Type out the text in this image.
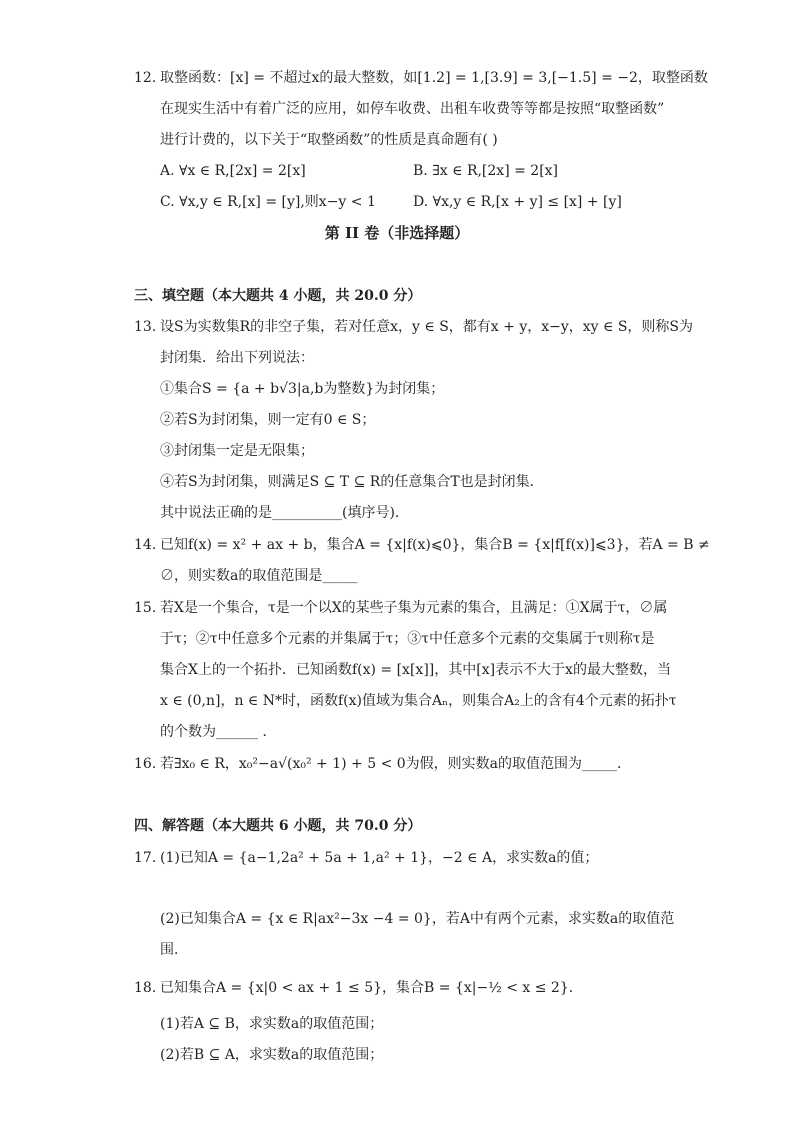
12. 取整函数：[x] = 不超过x的最大整数，如[1.2] = 1,[3.9] = 3,[−1.5] = −2，取整函数
在现实生活中有着广泛的应用，如停车收费、出租车收费等等都是按照“取整函数”
进行计费的，以下关于“取整函数”的性质是真命题有( )
A. ∀x ∈ R,[2x] = 2[x]	B. ∃x ∈ R,[2x] = 2[x]
C. ∀x,y ∈ R,[x] = [y],则x−y < 1	D. ∀x,y ∈ R,[x + y] ≤ [x] + [y]
第 II 卷（非选择题）
三、填空题（本大题共 4 小题，共 20.0 分）
13. 设S为实数集R的非空子集，若对任意x，y ∈ S，都有x + y，x−y，xy ∈ S，则称S为
封闭集．给出下列说法：
①集合S = {a + b√3|a,b为整数}为封闭集；
②若S为封闭集，则一定有0 ∈ S；
③封闭集一定是无限集；
④若S为封闭集，则满足S ⊆ T ⊆ R的任意集合T也是封闭集．
其中说法正确的是__________(填序号)．
14. 已知f(x) = x² + ax + b，集合A = {x|f(x)⩽0}，集合B = {x|f[f(x)]⩽3}，若A = B ≠
∅，则实数a的取值范围是_____
15. 若X是一个集合，τ是一个以X的某些子集为元素的集合，且满足：①X属于τ，∅属
于τ；②τ中任意多个元素的并集属于τ；③τ中任意多个元素的交集属于τ则称τ是
集合X上的一个拓扑．已知函数f(x) = [x[x]]，其中[x]表示不大于x的最大整数，当
x ∈ (0,n]，n ∈ N*时，函数f(x)值域为集合Aₙ，则集合A₂上的含有4个元素的拓扑τ
的个数为______ ．
16. 若∃x₀ ∈ R，x₀²−a√(x₀² + 1) + 5 < 0为假，则实数a的取值范围为_____．
四、解答题（本大题共 6 小题，共 70.0 分）
17. (1)已知A = {a−1,2a² + 5a + 1,a² + 1}，−2 ∈ A，求实数a的值；
(2)已知集合A = {x ∈ R|ax²−3x −4 = 0}，若A中有两个元素，求实数a的取值范
围．
18. 已知集合A = {x|0 < ax + 1 ≤ 5}，集合B = {x|−½ < x ≤ 2}．
(1)若A ⊆ B，求实数a的取值范围；
(2)若B ⊆ A，求实数a的取值范围；
